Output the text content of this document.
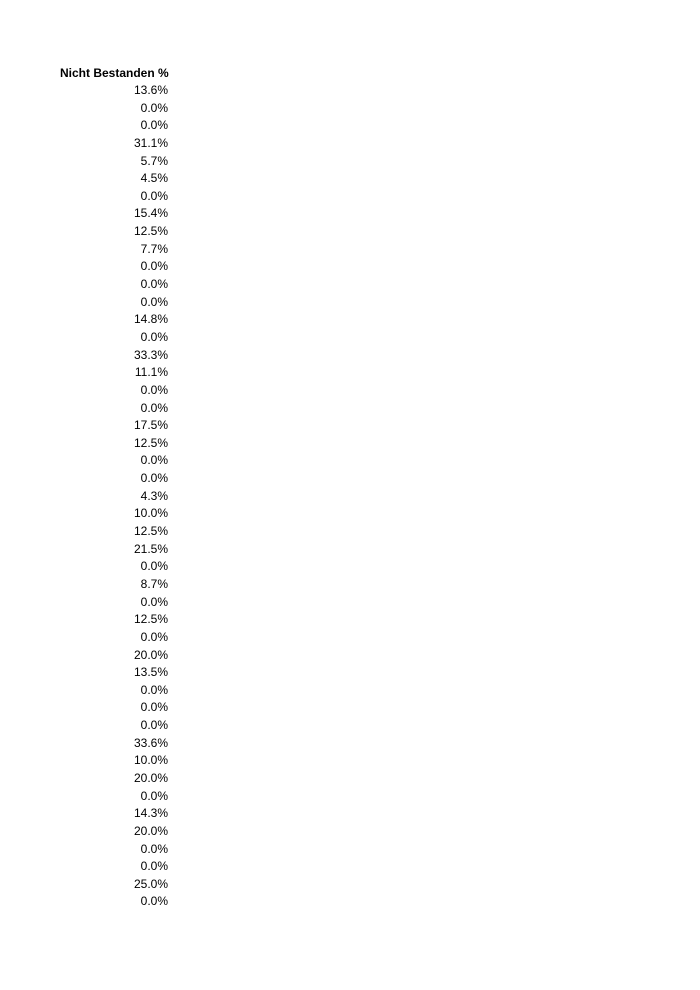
Nicht Bestanden %
13.6%
0.0%
0.0%
31.1%
5.7%
4.5%
0.0%
15.4%
12.5%
7.7%
0.0%
0.0%
0.0%
14.8%
0.0%
33.3%
11.1%
0.0%
0.0%
17.5%
12.5%
0.0%
0.0%
4.3%
10.0%
12.5%
21.5%
0.0%
8.7%
0.0%
12.5%
0.0%
20.0%
13.5%
0.0%
0.0%
0.0%
33.6%
10.0%
20.0%
0.0%
14.3%
20.0%
0.0%
0.0%
25.0%
0.0%
